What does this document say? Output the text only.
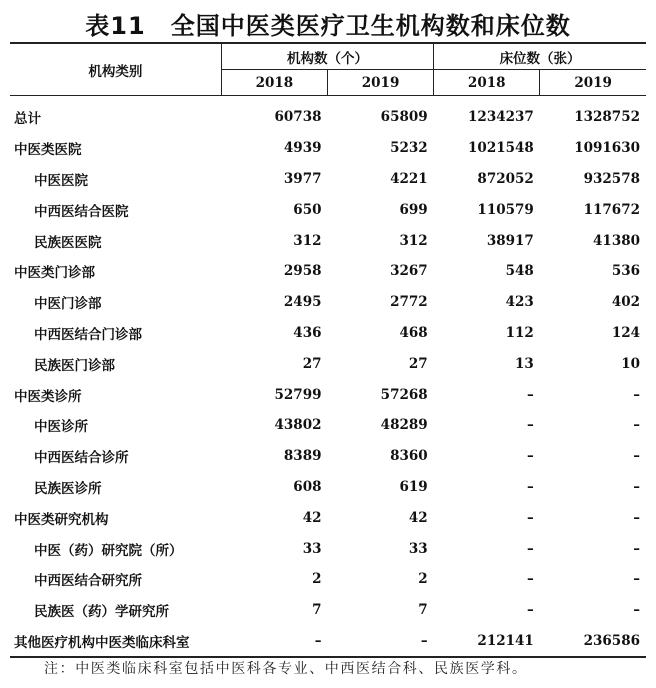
表11　全国中医类医疗卫生机构数和床位数
机构类别	机构数（个）		床位数（张）	
	2018	2019	2018	2019
总计	60738	65809	1234237	1328752
中医类医院	4939	5232	1021548	1091630
中医医院	3977	4221	872052	932578
中西医结合医院	650	699	110579	117672
民族医医院	312	312	38917	41380
中医类门诊部	2958	3267	548	536
中医门诊部	2495	2772	423	402
中西医结合门诊部	436	468	112	124
民族医门诊部	27	27	13	10
中医类诊所	52799	57268	–	–
中医诊所	43802	48289	–	–
中西医结合诊所	8389	8360	–	–
民族医诊所	608	619	–	–
中医类研究机构	42	42	–	–
中医（药）研究院（所）	33	33	–	–
中西医结合研究所	2	2	–	–
民族医（药）学研究所	7	7	–	–
其他医疗机构中医类临床科室	–	–	212141	236586
注：中医类临床科室包括中医科各专业、中西医结合科、民族医学科。
